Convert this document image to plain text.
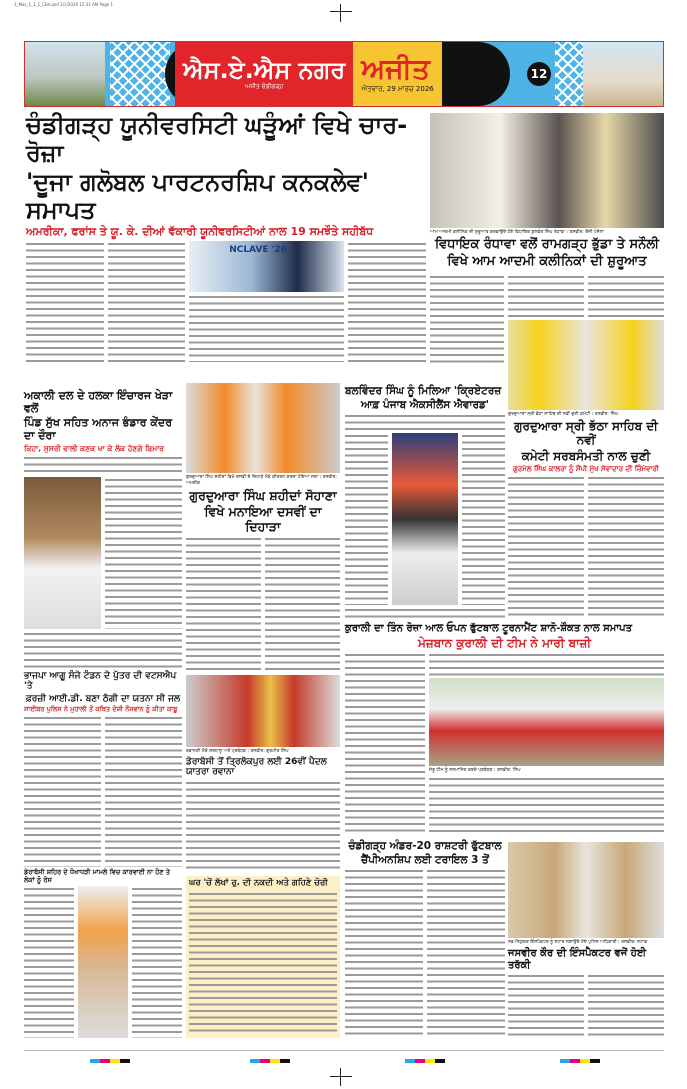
3_Mas_1_1_1_Cbh.qxd 1/1/2026 12:31 AM Page 1
ਐਸ.ਏ.ਐਸ ਨਗਰ
ਅਜੀਤ ਚੰਡੀਗੜ੍ਹ
ਅਜੀਤ
ਐਤਵਾਰ, 29 ਮਾਰਚ 2026
12
ਚੰਡੀਗੜ੍ਹ ਯੂਨੀਵਰਸਿਟੀ ਘੜੂੰਆਂ ਵਿਖੇ ਚਾਰ-ਰੋਜ਼ਾ
'ਦੂਜਾ ਗਲੋਬਲ ਪਾਰਟਨਰਸ਼ਿਪ ਕਨਕਲੇਵ' ਸਮਾਪਤ
ਅਮਰੀਕਾ, ਫਰਾਂਸ ਤੇ ਯੂ. ਕੇ. ਦੀਆਂ ਵੱਕਾਰੀ ਯੂਨੀਵਰਸਿਟੀਆਂ ਨਾਲ 19 ਸਮਝੌਤੇ ਸਹੀਬੱਧ
NCLAVE '26
ਆਮ ਆਦਮੀ ਕਲੀਨਿਕ ਦੀ ਸ਼ੁਰੂਆਤ ਕਰਵਾਉਂਦੇ ਹੋਏ ਵਿਧਾਇਕ ਕੁਲਵੰਤ ਸਿੰਘ ਰੰਧਾਵਾ। ਤਸਵੀਰ: ਰੌਜੀ ਪੰਜੋਲਾ
ਵਿਧਾਇਕ ਰੰਧਾਵਾ ਵਲੋਂ ਰਾਮਗੜ੍ਹ ਭੁੱਡਾ ਤੇ ਸਨੌਲੀ
ਵਿਖੇ ਆਮ ਆਦਮੀ ਕਲੀਨਿਕਾਂ ਦੀ ਸ਼ੁਰੂਆਤ
ਗੁਰਦੁਆਰਾ ਸ੍ਰੀ ਭੱਠਾ ਸਾਹਿਬ ਦੀ ਨਵੀਂ ਚੁਣੀ ਕਮੇਟੀ। ਤਸਵੀਰ: ਸਿੰਘ
ਗੁਰਦੁਆਰਾ ਸ੍ਰੀ ਭੱਠਾ ਸਾਹਿਬ ਦੀ ਨਵੀਂ
ਕਮੇਟੀ ਸਰਬਸੰਮਤੀ ਨਾਲ ਚੁਣੀ
ਗੁਰਮੇਲ ਸਿੰਘ ਕਾਲਰਾ ਨੂੰ ਸੌਂਪੀ ਮੁੱਖ ਸੇਵਾਦਾਰ ਦੀ ਜ਼ਿੰਮੇਵਾਰੀ
ਅਕਾਲੀ ਦਲ ਦੇ ਹਲਕਾ ਇੰਚਾਰਜ ਖੇੜਾ ਵਲੋਂ
ਪਿੰਡ ਸੁੱਖ ਸਹਿਤ ਅਨਾਜ ਭੰਡਾਰ ਕੇਂਦਰ ਦਾ ਦੌਰਾ
ਕਿਹਾ, ਸੁਸਰੀ ਵਾਲੀ ਕਣਕ ਖਾ ਕੇ ਲੋਕ ਹੋਣਗੇ ਬਿਮਾਰ
ਭਾਜਪਾ ਆਗੂ ਸੰਜੇ ਟੰਡਨ ਦੇ ਪੁੱਤਰ ਦੀ ਵਟਸਐਪ 'ਤੇ
ਫ਼ਰਜ਼ੀ ਆਈ.ਡੀ. ਬਣਾ ਠੱਗੀ ਦਾ ਯਤਨਾ ਸੀ ਜਲ
ਸਾਈਬਰ ਪੁਲਿਸ ਨੇ ਮੁਹਾਲੀ ਤੋਂ ਕਥਿਤ ਦੋਸ਼ੀ ਨੌਜਵਾਨ ਨੂੰ ਕੀਤਾ ਕਾਬੂ
ਡੇਰਾਬੱਸੀ ਸ਼ਹਿਰ ਦੇ ਧੋਖਾਧੜੀ ਮਾਮਲੇ ਵਿਚ ਕਾਰਵਾਈ ਨਾ ਹੋਣ ਤੇ ਲੋਕਾਂ ਨੂੰ ਰੋਸ
ਗੁਰਦੁਆਰਾ ਸਿੰਘ ਸ਼ਹੀਦਾਂ ਵਿਖੇ ਦਸਵੀਂ ਦੇ ਦਿਹਾੜੇ ਮੌਕੇ ਕੀਰਤਨ ਕਰਦਾ ਹੋਇਆ ਜਥਾ। ਤਸਵੀਰ: ਅਮਰੀਕ
ਗੁਰਦੁਆਰਾ ਸਿੰਘ ਸ਼ਹੀਦਾਂ ਸੋਹਾਣਾ
ਵਿਖੇ ਮਨਾਇਆ ਦਸਵੀਂ ਦਾ ਦਿਹਾੜਾ
ਰਵਾਨਗੀ ਮੌਕੇ ਸ਼ਰਧਾਲੂ ਅਤੇ ਪ੍ਰਬੰਧਕ। ਤਸਵੀਰ: ਗੁਰਮੀਤ ਸਿੰਘ
ਡੇਰਾਬੱਸੀ ਤੋਂ ਤ੍ਰਿਲੋਕਪੁਰ ਲਈ 26ਵੀਂ ਪੈਦਲ ਯਾਤਰਾ ਰਵਾਨਾ
ਘਰ 'ਚੋਂ ਲੱਖਾਂ ਰੁ. ਦੀ ਨਕਦੀ ਅਤੇ ਗਹਿਣੇ ਚੋਰੀ
ਬਲਵਿੰਦਰ ਸਿੰਘ ਨੂੰ ਮਿਲਿਆ 'ਕ੍ਰਿਏਟਰਜ਼
ਆਫ਼ ਪੰਜਾਬ ਐਕਸੀਲੈਂਸ ਐਵਾਰਡ'
ਕੁਰਾਲੀ ਦਾ ਤਿੰਨ ਰੋਜ਼ਾ ਆਲ ਓਪਨ ਫੁੱਟਬਾਲ ਟੂਰਨਾਮੈਂਟ ਸ਼ਾਨੋ-ਸ਼ੌਕਤ ਨਾਲ ਸਮਾਪਤ
ਮੇਜ਼ਬਾਨ ਕੁਰਾਲੀ ਦੀ ਟੀਮ ਨੇ ਮਾਰੀ ਬਾਜ਼ੀ
ਜੇਤੂ ਟੀਮ ਨੂੰ ਸਨਮਾਨਿਤ ਕਰਦੇ ਪ੍ਰਬੰਧਕ। ਤਸਵੀਰ: ਸਿੰਘ
ਚੰਡੀਗੜ੍ਹ ਅੰਡਰ-20 ਰਾਸ਼ਟਰੀ ਫੁੱਟਬਾਲ
ਚੈਂਪੀਅਨਸ਼ਿਪ ਲਈ ਟਰਾਇਲ 3 ਤੋਂ
ਨਵ-ਨਿਯੁਕਤ ਇੰਸਪੈਕਟਰ ਨੂੰ ਸਟਾਰ ਲਗਾਉਂਦੇ ਹੋਏ ਪੁਲਿਸ ਅਧਿਕਾਰੀ। ਤਸਵੀਰ: ਸਟਾਫ
ਜਸਵੀਰ ਕੌਰ ਦੀ ਇੰਸਪੈਕਟਰ ਵਜੋਂ ਹੋਈ ਤਰੱਕੀ
